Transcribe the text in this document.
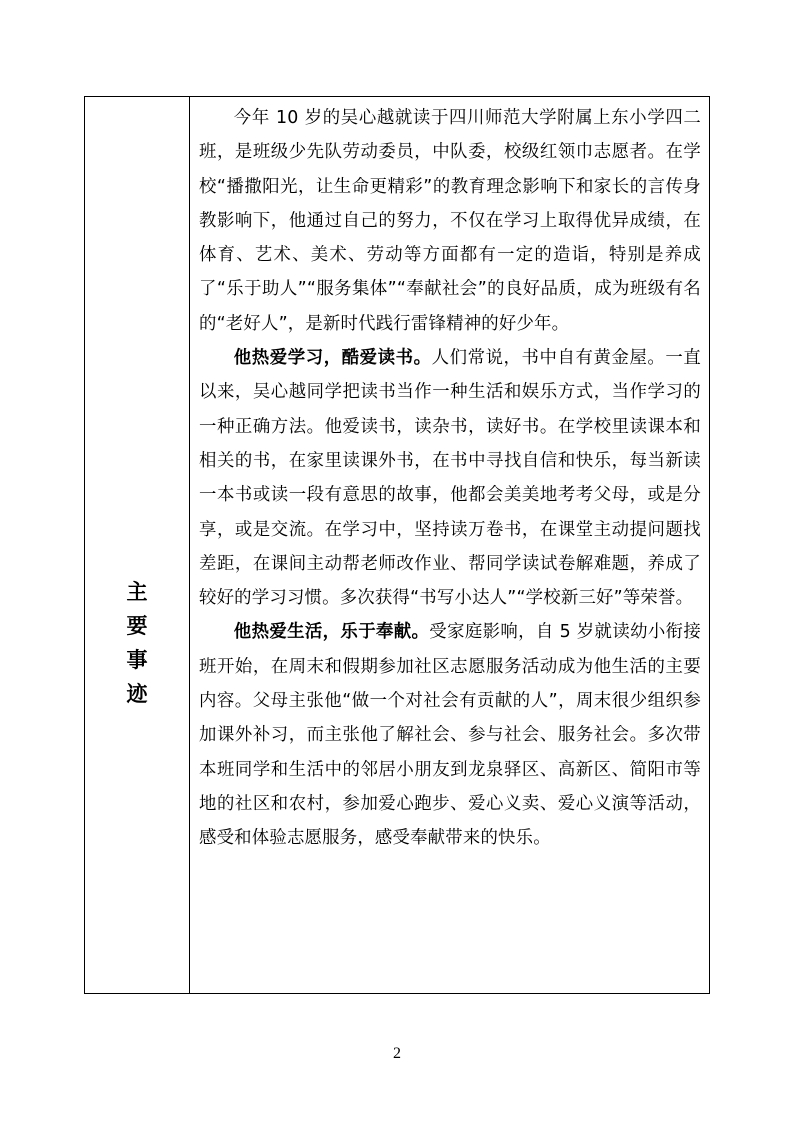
主
要
事
迹

今年 10 岁的吴心越就读于四川师范大学附属上东小学四二班，是班级少先队劳动委员，中队委，校级红领巾志愿者。在学校“播撒阳光，让生命更精彩”的教育理念影响下和家长的言传身教影响下，他通过自己的努力，不仅在学习上取得优异成绩，在体育、艺术、美术、劳动等方面都有一定的造诣，特别是养成了“乐于助人”“服务集体”“奉献社会”的良好品质，成为班级有名的“老好人”，是新时代践行雷锋精神的好少年。

他热爱学习，酷爱读书。人们常说，书中自有黄金屋。一直以来，吴心越同学把读书当作一种生活和娱乐方式，当作学习的一种正确方法。他爱读书，读杂书，读好书。在学校里读课本和相关的书，在家里读课外书，在书中寻找自信和快乐，每当新读一本书或读一段有意思的故事，他都会美美地考考父母，或是分享，或是交流。在学习中，坚持读万卷书，在课堂主动提问题找差距，在课间主动帮老师改作业、帮同学读试卷解难题，养成了较好的学习习惯。多次获得“书写小达人”“学校新三好”等荣誉。

他热爱生活，乐于奉献。受家庭影响，自 5 岁就读幼小衔接班开始，在周末和假期参加社区志愿服务活动成为他生活的主要内容。父母主张他“做一个对社会有贡献的人”，周末很少组织参加课外补习，而主张他了解社会、参与社会、服务社会。多次带本班同学和生活中的邻居小朋友到龙泉驿区、高新区、简阳市等地的社区和农村，参加爱心跑步、爱心义卖、爱心义演等活动，感受和体验志愿服务，感受奉献带来的快乐。

2
